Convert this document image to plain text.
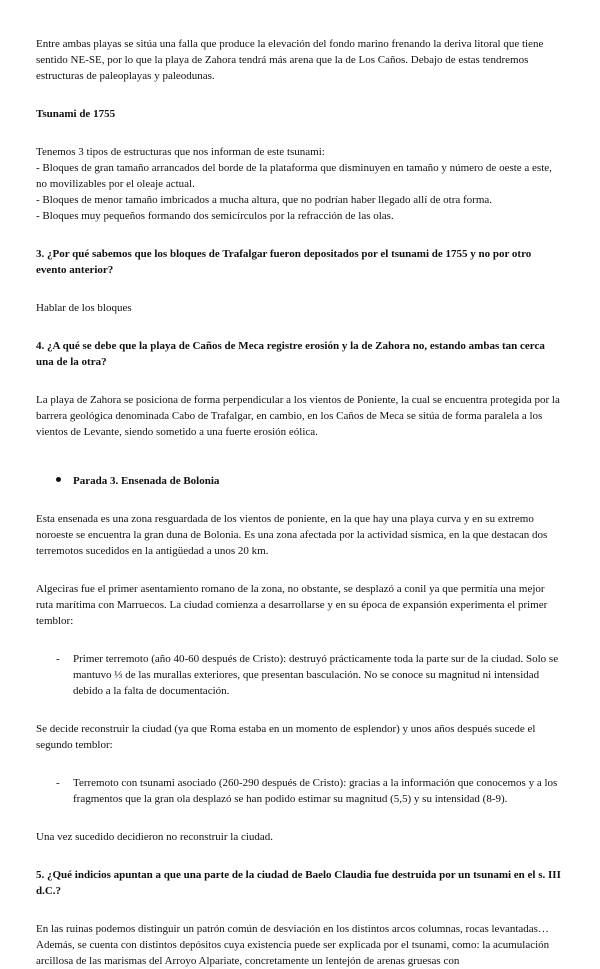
Entre ambas playas se sitúa una falla que produce la elevación del fondo marino frenando la deriva litoral que tiene sentido NE-SE, por lo que la playa de Zahora tendrá más arena que la de Los Caños. Debajo de estas tendremos estructuras de paleoplayas y paleodunas.

Tsunami de 1755

Tenemos 3 tipos de estructuras que nos informan de este tsunami:

- Bloques de gran tamaño arrancados del borde de la plataforma que disminuyen en tamaño y número de oeste a este, no movilizables por el oleaje actual.

- Bloques de menor tamaño imbricados a mucha altura, que no podrían haber llegado allí de otra forma.

- Bloques muy pequeños formando dos semicírculos por la refracción de las olas.

3. ¿Por qué sabemos que los bloques de Trafalgar fueron depositados por el tsunami de 1755 y no por otro evento anterior?

Hablar de los bloques

4. ¿A qué se debe que la playa de Caños de Meca registre erosión y la de Zahora no, estando ambas tan cerca una de la otra?

La playa de Zahora se posiciona de forma perpendicular a los vientos de Poniente, la cual se encuentra protegida por la barrera geológica denominada Cabo de Trafalgar, en cambio, en los Caños de Meca se sitúa de forma paralela a los vientos de Levante, siendo sometido a una fuerte erosión eólica.

Parada 3. Ensenada de Bolonia

Esta ensenada es una zona resguardada de los vientos de poniente, en la que hay una playa curva y en su extremo noroeste se encuentra la gran duna de Bolonia. Es una zona afectada por la actividad sísmica, en la que destacan dos terremotos sucedidos en la antigüedad a unos 20 km.

Algeciras fue el primer asentamiento romano de la zona, no obstante, se desplazó a conil ya que permitía una mejor ruta marítima con Marruecos. La ciudad comienza a desarrollarse y en su época de expansión experimenta el primer temblor:

-	Primer terremoto (año 40-60 después de Cristo): destruyó prácticamente toda la parte sur de la ciudad. Solo se mantuvo ⅓ de las murallas exteriores, que presentan basculación. No se conoce su magnitud ni intensidad debido a la falta de documentación.

Se decide reconstruir la ciudad (ya que Roma estaba en un momento de esplendor) y unos años después sucede el segundo temblor:

-	Terremoto con tsunami asociado (260-290 después de Cristo): gracias a la información que conocemos y a los fragmentos que la gran ola desplazó se han podido estimar su magnitud (5,5) y su intensidad (8-9).

Una vez sucedido decidieron no reconstruir la ciudad.

5. ¿Qué indicios apuntan a que una parte de la ciudad de Baelo Claudia fue destruida por un tsunami en el s. III d.C.?

En las ruinas podemos distinguir un patrón común de desviación en los distintos arcos columnas, rocas levantadas… Además, se cuenta con distintos depósitos cuya existencia puede ser explicada por el tsunami, como: la acumulación arcillosa de las marismas del Arroyo Alpariate, concretamente un lentejón de arenas gruesas con
